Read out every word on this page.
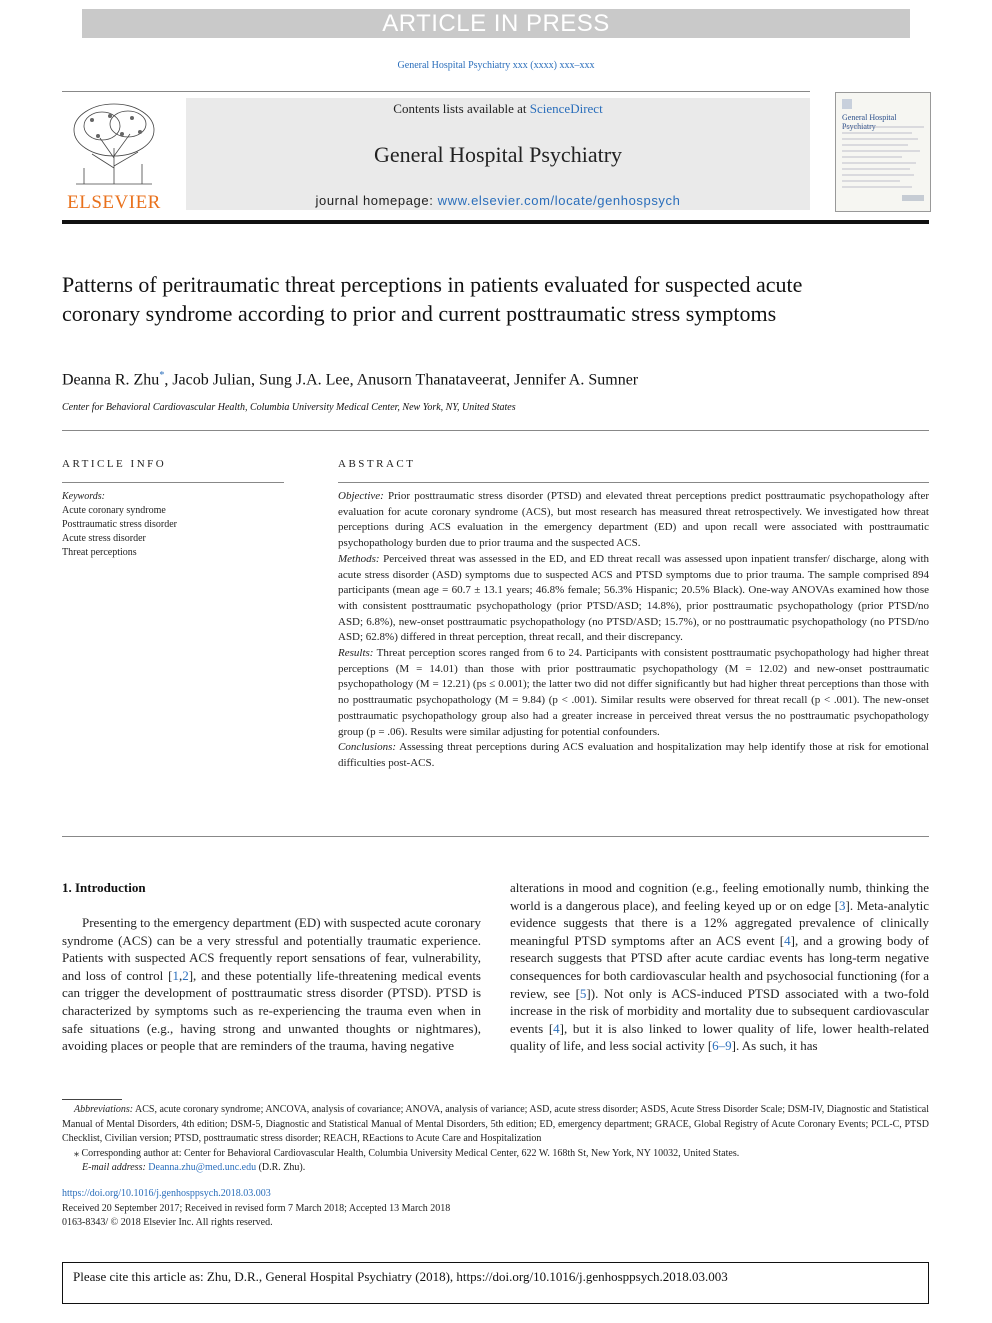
ARTICLE IN PRESS
General Hospital Psychiatry xxx (xxxx) xxx–xxx
ELSEVIER
Contents lists available at ScienceDirect
General Hospital Psychiatry
journal homepage: www.elsevier.com/locate/genhospsych
General Hospital Psychiatry
Patterns of peritraumatic threat perceptions in patients evaluated for suspected acute coronary syndrome according to prior and current posttraumatic stress symptoms
Deanna R. Zhu*, Jacob Julian, Sung J.A. Lee, Anusorn Thanataveerat, Jennifer A. Sumner
Center for Behavioral Cardiovascular Health, Columbia University Medical Center, New York, NY, United States
ARTICLE INFO	ABSTRACT
Keywords:
Acute coronary syndrome
Posttraumatic stress disorder
Acute stress disorder
Threat perceptions

Objective: Prior posttraumatic stress disorder (PTSD) and elevated threat perceptions predict posttraumatic psychopathology after evaluation for acute coronary syndrome (ACS), but most research has measured threat retrospectively. We investigated how threat perceptions during ACS evaluation in the emergency department (ED) and upon recall were associated with posttraumatic psychopathology burden due to prior trauma and the suspected ACS.

Methods: Perceived threat was assessed in the ED, and ED threat recall was assessed upon inpatient transfer/ discharge, along with acute stress disorder (ASD) symptoms due to suspected ACS and PTSD symptoms due to prior trauma. The sample comprised 894 participants (mean age = 60.7 ± 13.1 years; 46.8% female; 56.3% Hispanic; 20.5% Black). One-way ANOVAs examined how those with consistent posttraumatic psychopathology (prior PTSD/ASD; 14.8%), prior posttraumatic psychopathology (prior PTSD/no ASD; 6.8%), new-onset posttraumatic psychopathology (no PTSD/ASD; 15.7%), or no posttraumatic psychopathology (no PTSD/no ASD; 62.8%) differed in threat perception, threat recall, and their discrepancy.

Results: Threat perception scores ranged from 6 to 24. Participants with consistent posttraumatic psychopathology had higher threat perceptions (M = 14.01) than those with prior posttraumatic psychopathology (M = 12.02) and new-onset posttraumatic psychopathology (M = 12.21) (ps ≤ 0.001); the latter two did not differ significantly but had higher threat perceptions than those with no posttraumatic psychopathology (M = 9.84) (p < .001). Similar results were observed for threat recall (p < .001). The new-onset posttraumatic psychopathology group also had a greater increase in perceived threat versus the no posttraumatic psychopathology group (p = .06). Results were similar adjusting for potential confounders.

Conclusions: Assessing threat perceptions during ACS evaluation and hospitalization may help identify those at risk for emotional difficulties post-ACS.

1. Introduction
Presenting to the emergency department (ED) with suspected acute coronary syndrome (ACS) can be a very stressful and potentially traumatic experience. Patients with suspected ACS frequently report sensations of fear, vulnerability, and loss of control [1,2], and these potentially life-threatening medical events can trigger the development of posttraumatic stress disorder (PTSD). PTSD is characterized by symptoms such as re-experiencing the trauma even when in safe situations (e.g., having strong and unwanted thoughts or nightmares), avoiding places or people that are reminders of the trauma, having negative
alterations in mood and cognition (e.g., feeling emotionally numb, thinking the world is a dangerous place), and feeling keyed up or on edge [3]. Meta-analytic evidence suggests that there is a 12% aggregated prevalence of clinically meaningful PTSD symptoms after an ACS event [4], and a growing body of research suggests that PTSD after acute cardiac events has long-term negative consequences for both cardiovascular health and psychosocial functioning (for a review, see [5]). Not only is ACS-induced PTSD associated with a two-fold increase in the risk of morbidity and mortality due to subsequent cardiovascular events [4], but it is also linked to lower quality of life, lower health-related quality of life, and less social activity [6–9]. As such, it has

Abbreviations: ACS, acute coronary syndrome; ANCOVA, analysis of covariance; ANOVA, analysis of variance; ASD, acute stress disorder; ASDS, Acute Stress Disorder Scale; DSM-IV, Diagnostic and Statistical Manual of Mental Disorders, 4th edition; DSM-5, Diagnostic and Statistical Manual of Mental Disorders, 5th edition; ED, emergency department; GRACE, Global Registry of Acute Coronary Events; PCL-C, PTSD Checklist, Civilian version; PTSD, posttraumatic stress disorder; REACH, REactions to Acute Care and Hospitalization

⁎ Corresponding author at: Center for Behavioral Cardiovascular Health, Columbia University Medical Center, 622 W. 168th St, New York, NY 10032, United States.

E-mail address: Deanna.zhu@med.unc.edu (D.R. Zhu).

https://doi.org/10.1016/j.genhosppsych.2018.03.003
Received 20 September 2017; Received in revised form 7 March 2018; Accepted 13 March 2018
0163-8343/ © 2018 Elsevier Inc. All rights reserved.
Please cite this article as: Zhu, D.R., General Hospital Psychiatry (2018), https://doi.org/10.1016/j.genhosppsych.2018.03.003
